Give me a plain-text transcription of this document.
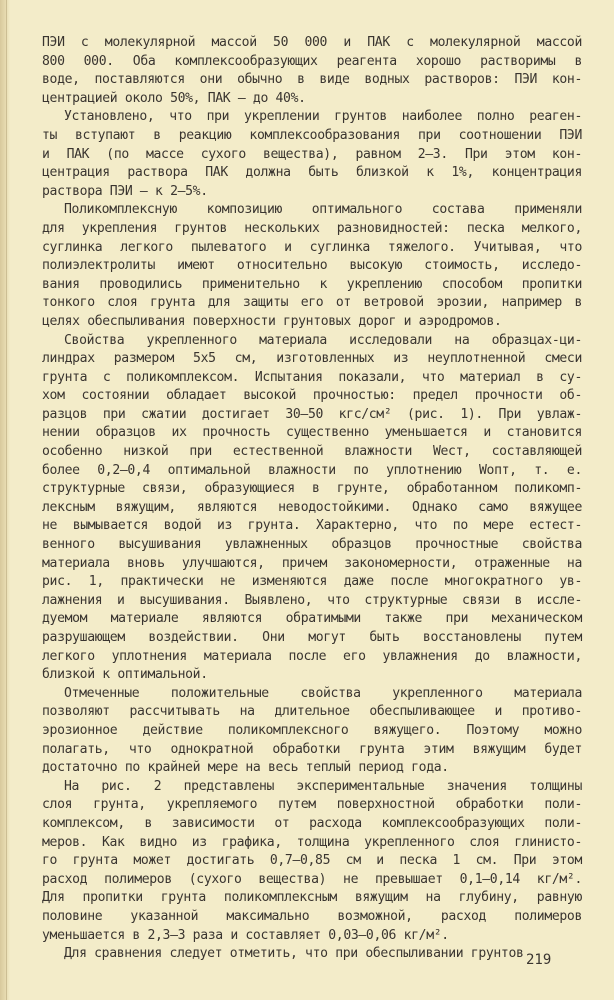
ПЭИ с молекулярной массой 50 000 и ПАК с молекулярной массой
800 000. Оба комплексообразующих реагента хорошо растворимы в
воде, поставляются они обычно в виде водных растворов: ПЭИ кон-
центрацией около 50%, ПАК – до 40%.
Установлено, что при укреплении грунтов наиболее полно реаген-
ты вступают в реакцию комплексообразования при соотношении ПЭИ
и ПАК (по массе сухого вещества), равном 2–3. При этом кон-
центрация раствора ПАК должна быть близкой к 1%, концентрация
раствора ПЭИ – к 2–5%.
Поликомплексную композицию оптимального состава применяли
для укрепления грунтов нескольких разновидностей: песка мелкого,
суглинка легкого пылеватого и суглинка тяжелого. Учитывая, что
полиэлектролиты имеют относительно высокую стоимость, исследо-
вания проводились применительно к укреплению способом пропитки
тонкого слоя грунта для защиты его от ветровой эрозии, например в
целях обеспыливания поверхности грунтовых дорог и аэродромов.
Свойства укрепленного материала исследовали на образцах-ци-
линдрах размером 5x5 см, изготовленных из неуплотненной смеси
грунта с поликомплексом. Испытания показали, что материал в су-
хом состоянии обладает высокой прочностью: предел прочности об-
разцов при сжатии достигает 30–50 кгс/см² (рис. 1). При увлаж-
нении образцов их прочность существенно уменьшается и становится
особенно низкой при естественной влажности Wест, составляющей
более 0,2–0,4 оптимальной влажности по уплотнению Wопт, т. е.
структурные связи, образующиеся в грунте, обработанном поликомп-
лексным вяжущим, являются неводостойкими. Однако само вяжущее
не вымывается водой из грунта. Характерно, что по мере естест-
венного высушивания увлажненных образцов прочностные свойства
материала вновь улучшаются, причем закономерности, отраженные на
рис. 1, практически не изменяются даже после многократного ув-
лажнения и высушивания. Выявлено, что структурные связи в иссле-
дуемом материале являются обратимыми также при механическом
разрушающем воздействии. Они могут быть восстановлены путем
легкого уплотнения материала после его увлажнения до влажности,
близкой к оптимальной.
Отмеченные положительные свойства укрепленного материала
позволяют рассчитывать на длительное обеспыливающее и противо-
эрозионное действие поликомплексного вяжущего. Поэтому можно
полагать, что однократной обработки грунта этим вяжущим будет
достаточно по крайней мере на весь теплый период года.
На рис. 2 представлены экспериментальные значения толщины
слоя грунта, укрепляемого путем поверхностной обработки поли-
комплексом, в зависимости от расхода комплексообразующих поли-
меров. Как видно из графика, толщина укрепленного слоя глинисто-
го грунта может достигать 0,7–0,85 см и песка 1 см. При этом
расход полимеров (сухого вещества) не превышает 0,1–0,14 кг/м².
Для пропитки грунта поликомплексным вяжущим на глубину, равную
половине указанной максимально возможной, расход полимеров
уменьшается в 2,3–3 раза и составляет 0,03–0,06 кг/м².
Для сравнения следует отметить, что при обеспыливании грунтов 219
